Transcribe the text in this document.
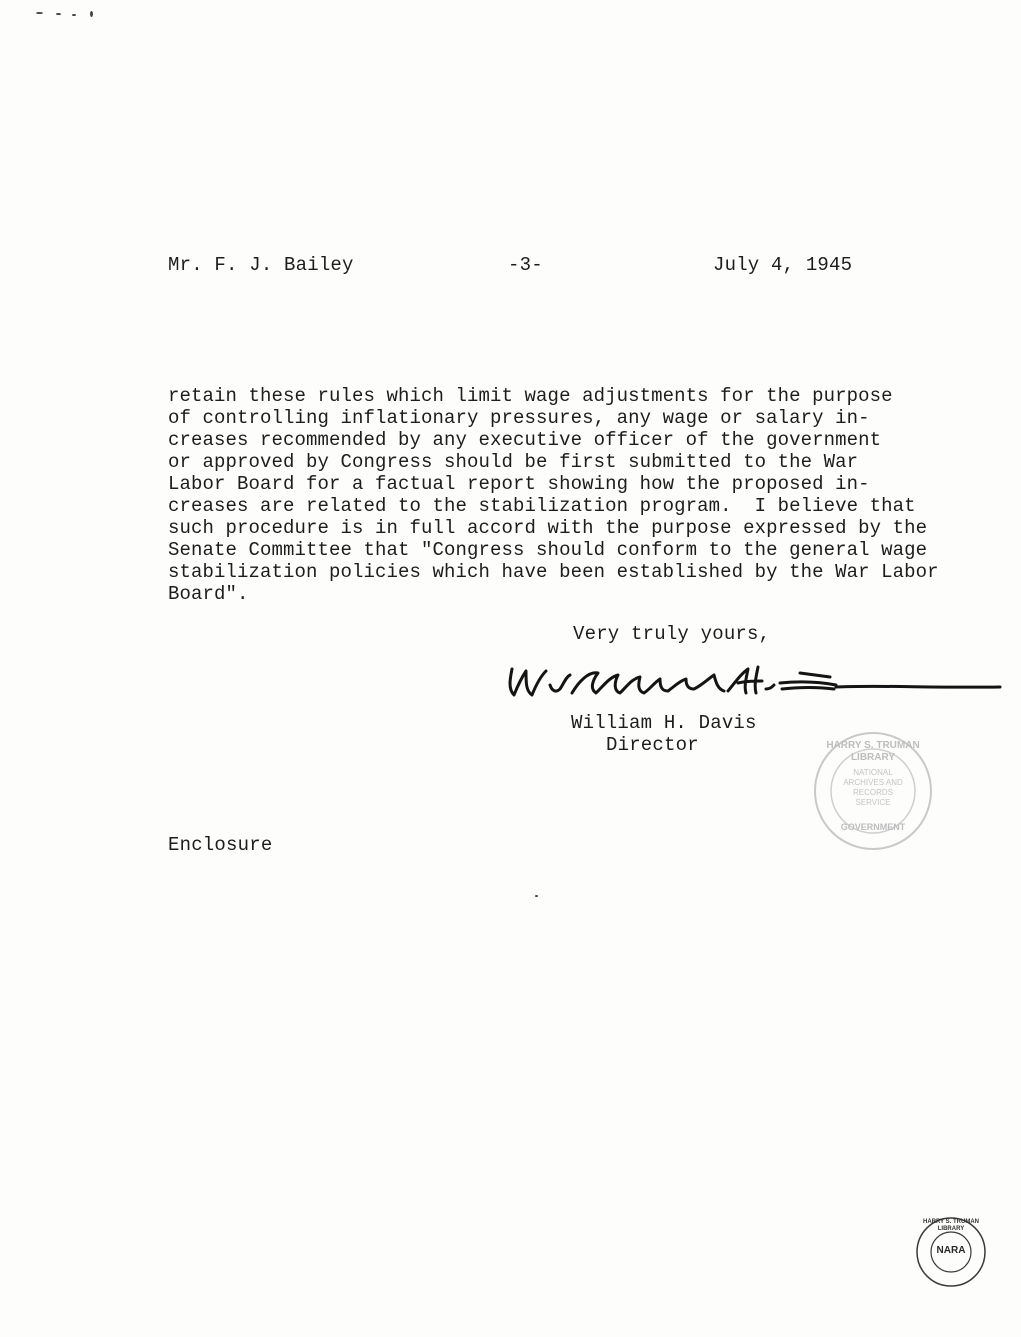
Mr. F. J. Bailey	-3-	July 4, 1945
retain these rules which limit wage adjustments for the purpose
of controlling inflationary pressures, any wage or salary in-
creases recommended by any executive officer of the government
or approved by Congress should be first submitted to the War
Labor Board for a factual report showing how the proposed in-
creases are related to the stabilization program.  I believe that
such procedure is in full accord with the purpose expressed by the
Senate Committee that "Congress should conform to the general wage
stabilization policies which have been established by the War Labor
Board".
Very truly yours,
William H. Davis
Director	HARRY S. TRUMAN LIBRARY
NATIONAL ARCHIVES AND RECORDS SERVICE
GOVERNMENT
Enclosure
HARRY S. TRUMAN LIBRARY
NARA
